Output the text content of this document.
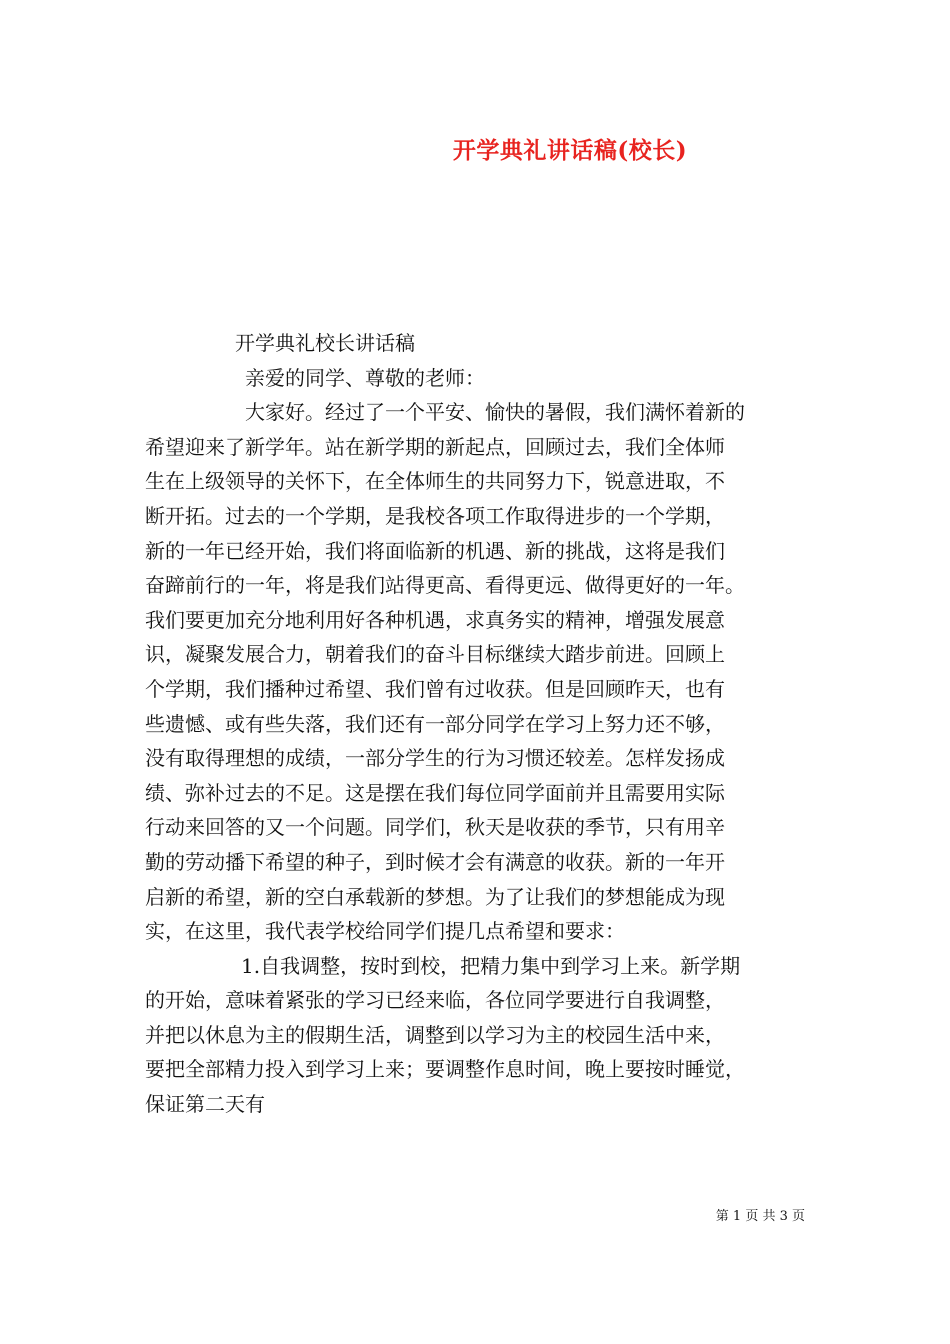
开学典礼讲话稿(校长)
开学典礼校长讲话稿
亲爱的同学、尊敬的老师：
大家好。经过了一个平安、愉快的暑假，我们满怀着新的
希望迎来了新学年。站在新学期的新起点，回顾过去，我们全体师
生在上级领导的关怀下，在全体师生的共同努力下，锐意进取，不
断开拓。过去的一个学期，是我校各项工作取得进步的一个学期，
新的一年已经开始，我们将面临新的机遇、新的挑战，这将是我们
奋蹄前行的一年，将是我们站得更高、看得更远、做得更好的一年。
我们要更加充分地利用好各种机遇，求真务实的精神，增强发展意
识，凝聚发展合力，朝着我们的奋斗目标继续大踏步前进。回顾上
个学期，我们播种过希望、我们曾有过收获。但是回顾昨天，也有
些遗憾、或有些失落，我们还有一部分同学在学习上努力还不够，
没有取得理想的成绩，一部分学生的行为习惯还较差。怎样发扬成
绩、弥补过去的不足。这是摆在我们每位同学面前并且需要用实际
行动来回答的又一个问题。同学们，秋天是收获的季节，只有用辛
勤的劳动播下希望的种子，到时候才会有满意的收获。新的一年开
启新的希望，新的空白承载新的梦想。为了让我们的梦想能成为现
实，在这里，我代表学校给同学们提几点希望和要求：
1.自我调整，按时到校，把精力集中到学习上来。新学期
的开始，意味着紧张的学习已经来临，各位同学要进行自我调整，
并把以休息为主的假期生活，调整到以学习为主的校园生活中来，
要把全部精力投入到学习上来；要调整作息时间，晚上要按时睡觉，
保证第二天有
第 1 页 共 3 页
